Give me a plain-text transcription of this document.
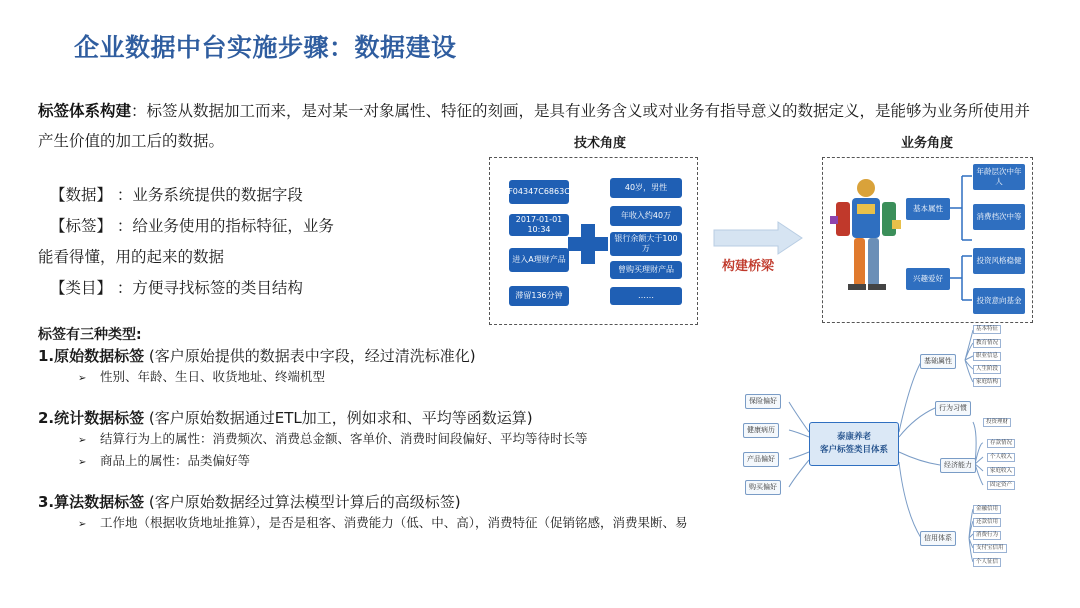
企业数据中台实施步骤：数据建设
标签体系构建：标签从数据加工而来，是对某一对象属性、特征的刻画，是具有业务含义或对业务有指导意义的数据定义，是能够为业务所使用并产生价值的加工后的数据。
【数据】 ：业务系统提供的数据字段
【标签】 ：给业务使用的指标特征，业务
能看得懂，用的起来的数据
【类目】 ：方便寻找标签的类目结构
标签有三种类型:
1.原始数据标签 (客户原始提供的数据表中字段，经过清洗标准化)
➢ 性别、年龄、生日、收货地址、终端机型
2.统计数据标签 (客户原始数据通过ETL加工，例如求和、平均等函数运算)
➢ 结算行为上的属性：消费频次、消费总金额、客单价、消费时间段偏好、平均等待时长等
➢ 商品上的属性：品类偏好等
3.算法数据标签 (客户原始数据经过算法模型计算后的高级标签)
➢ 工作地（根据收货地址推算），是否是租客、消费能力（低、中、高），消费特征（促销铭感，消费果断、易
技术角度
F04347C6863C
2017-01-01 10:34
进入A理财产品
滞留136分钟
40岁，男性
年收入约40万
银行余额大于100万
曾购买理财产品
……
构建桥梁
业务角度
基本属性
兴趣爱好
年龄层次中年人
消费档次中等
投资风格稳健
投资意向基金
泰康养老
客户标签类目体系
保险偏好
健康病历
产品偏好
购买偏好
基础属性
行为习惯
经济能力
信用体系
基本特征
教育情况
职业信息
人生阶段
家庭结构
投资理财
存款情况
个人收入
家庭收入
固定资产
金融信用
还款信用
消费行为
支付宝信用
个人征信
